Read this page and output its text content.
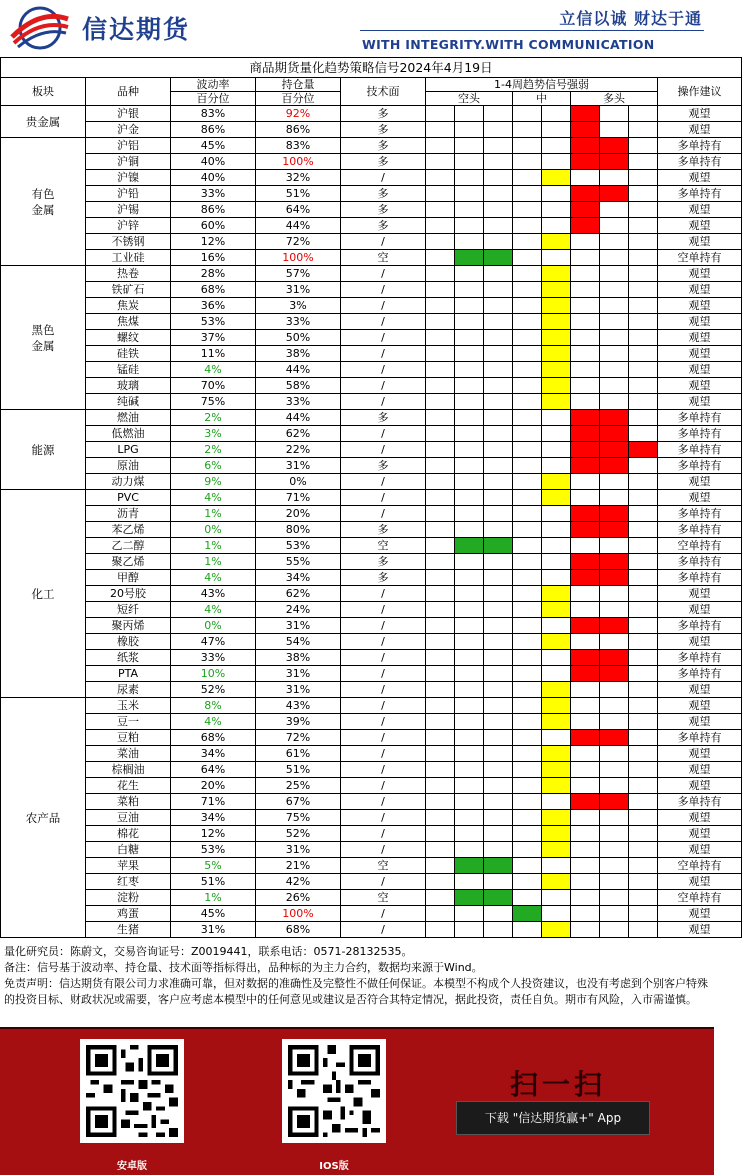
信达期货	立信以诚 财达于通
WITH INTEGRITY.WITH COMMUNICATION
商品期货量化趋势策略信号2024年4月19日													
板块	品种	波动率	持仓量	技术面	1-4周趋势信号强弱								操作建议
		百分位	百分位		空头			中		多头			
贵金属	沪银	83%	92%	多									观望
	沪金	86%	86%	多									观望
有色
金属	沪铝	45%	83%	多									多单持有
	沪铜	40%	100%	多									多单持有
	沪镍	40%	32%	/									观望
	沪铅	33%	51%	多									多单持有
	沪锡	86%	64%	多									观望
	沪锌	60%	44%	多									观望
	不锈钢	12%	72%	/									观望
	工业硅	16%	100%	空									空单持有
黑色
金属	热卷	28%	57%	/									观望
	铁矿石	68%	31%	/									观望
	焦炭	36%	3%	/									观望
	焦煤	53%	33%	/									观望
	螺纹	37%	50%	/									观望
	硅铁	11%	38%	/									观望
	锰硅	4%	44%	/									观望
	玻璃	70%	58%	/									观望
	纯碱	75%	33%	/									观望
能源	燃油	2%	44%	多									多单持有
	低燃油	3%	62%	/									多单持有
	LPG	2%	22%	/									多单持有
	原油	6%	31%	多									多单持有
	动力煤	9%	0%	/									观望
化工	PVC	4%	71%	/									观望
	沥青	1%	20%	/									多单持有
	苯乙烯	0%	80%	多									多单持有
	乙二醇	1%	53%	空									空单持有
	聚乙烯	1%	55%	多									多单持有
	甲醇	4%	34%	多									多单持有
	20号胶	43%	62%	/									观望
	短纤	4%	24%	/									观望
	聚丙烯	0%	31%	/									多单持有
	橡胶	47%	54%	/									观望
	纸浆	33%	38%	/									多单持有
	PTA	10%	31%	/									多单持有
	尿素	52%	31%	/									观望
农产品	玉米	8%	43%	/									观望
	豆一	4%	39%	/									观望
	豆粕	68%	72%	/									多单持有
	菜油	34%	61%	/									观望
	棕榈油	64%	51%	/									观望
	花生	20%	25%	/									观望
	菜粕	71%	67%	/									多单持有
	豆油	34%	75%	/									观望
	棉花	12%	52%	/									观望
	白糖	53%	31%	/									观望
	苹果	5%	21%	空									空单持有
	红枣	51%	42%	/									观望
	淀粉	1%	26%	空									空单持有
	鸡蛋	45%	100%	/									观望
	生猪	31%	68%	/									观望
量化研究员：陈蔚文，交易咨询证号：Z0019441，联系电话：0571-28132535。
备注：信号基于波动率、持仓量、技术面等指标得出，品种标的为主力合约，数据均来源于Wind。
免责声明：信达期货有限公司力求准确可靠，但对数据的准确性及完整性不做任何保证。本模型不构成个人投资建议，也没有考虑到个别客户特殊的投资目标、财政状况或需要，客户应考虑本模型中的任何意见或建议是否符合其特定情况，据此投资，责任自负。期市有风险，入市需谨慎。
安卓版	IOS版
扫一扫
下载 "信达期货赢+" App
